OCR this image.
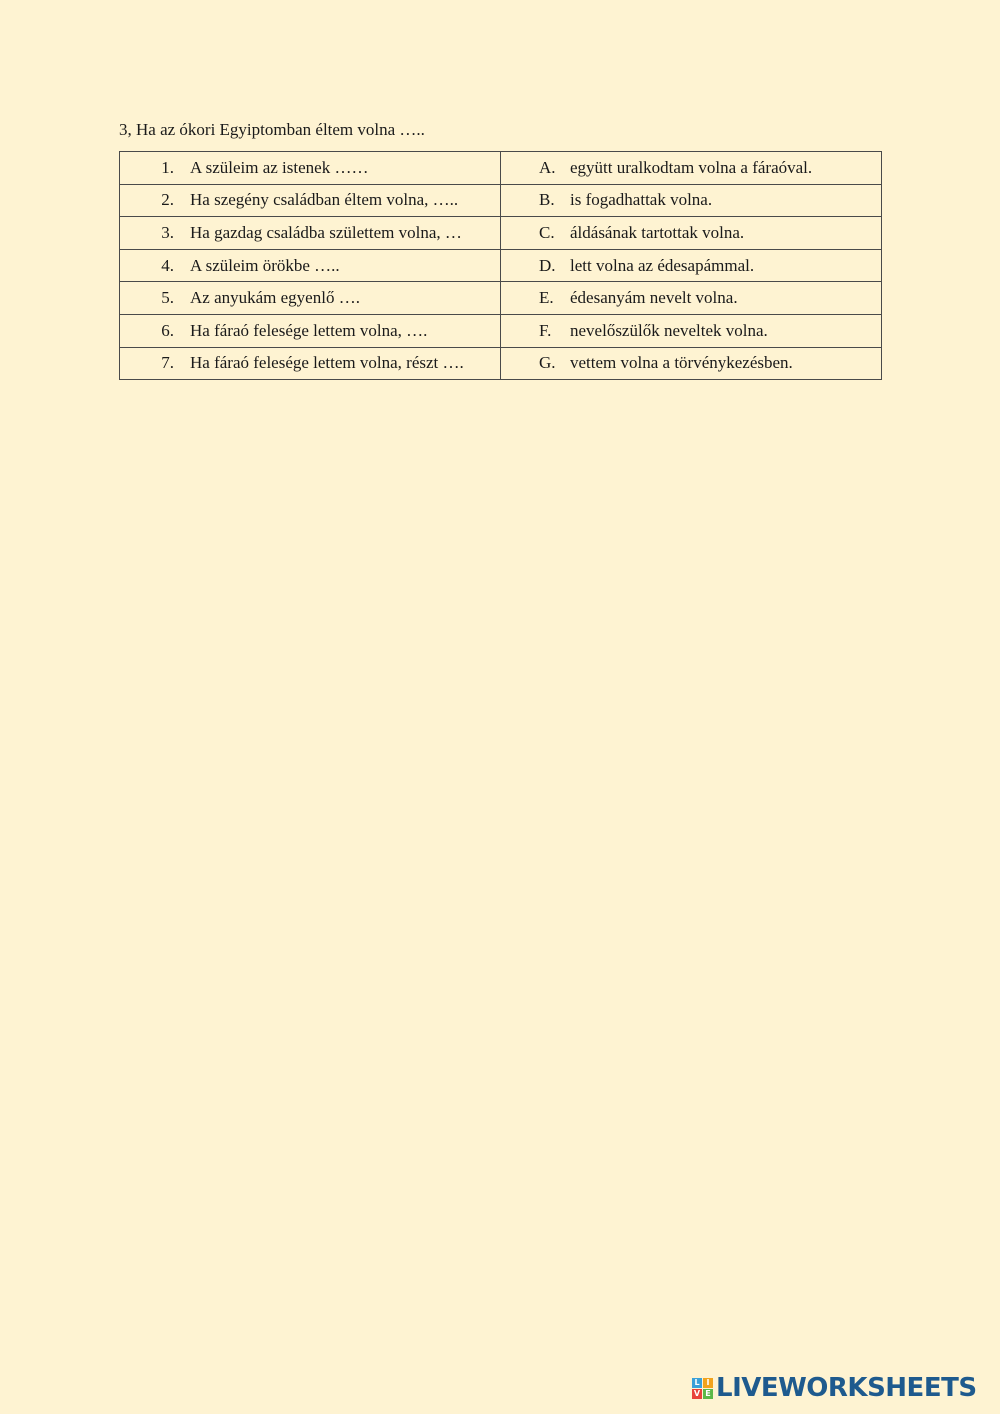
3, Ha az ókori Egyiptomban éltem volna …..
1. A szüleim az istenek ……	A. együtt uralkodtam volna a fáraóval.

2. Ha szegény családban éltem volna, …..	B. is fogadhattak volna.

3. Ha gazdag családba születtem volna, …	C. áldásának tartottak volna.

4. A szüleim örökbe …..	D. lett volna az édesapámmal.

5. Az anyukám egyenlő ….	E. édesanyám nevelt volna.

6. Ha fáraó felesége lettem volna, ….	F. nevelőszülők neveltek volna.

7. Ha fáraó felesége lettem volna, részt ….	G. vettem volna a törvénykezésben.
L I
V E LIVEWORKSHEETS
